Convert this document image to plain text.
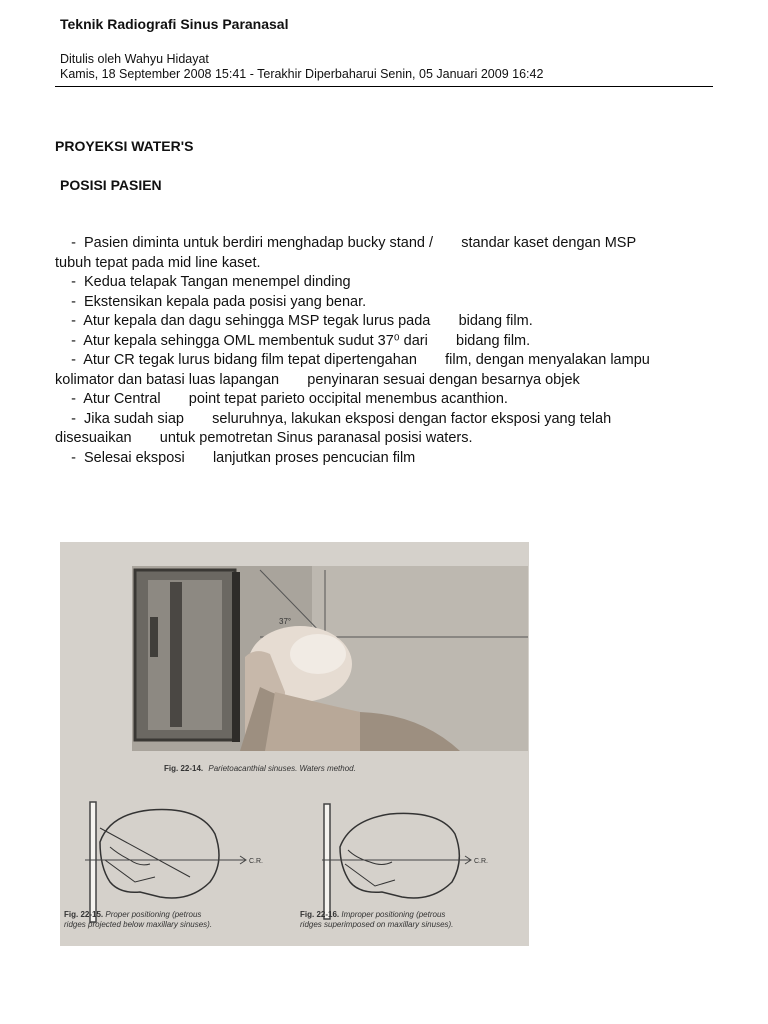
Teknik Radiografi Sinus Paranasal
Ditulis oleh Wahyu Hidayat
Kamis, 18 September 2008 15:41 - Terakhir Diperbaharui Senin, 05 Januari 2009 16:42
PROYEKSI WATER'S
POSISI PASIEN

-  Pasien diminta untuk berdiri menghadap bucky stand /       standar kaset dengan MSP

tubuh tepat pada mid line kaset.

-  Kedua telapak Tangan menempel dinding

-  Ekstensikan kepala pada posisi yang benar.

-  Atur kepala dan dagu sehingga MSP tegak lurus pada       bidang film.

-  Atur kepala sehingga OML membentuk sudut 37⁰ dari       bidang film.

-  Atur CR tegak lurus bidang film tepat dipertengahan       film, dengan menyalakan lampu

kolimator dan batasi luas lapangan       penyinaran sesuai dengan besarnya objek

-  Atur Central       point tepat parieto occipital menembus acanthion.

-  Jika sudah siap       seluruhnya, lakukan eksposi dengan factor eksposi yang telah

disesuaikan       untuk pemotretan Sinus paranasal posisi waters.

-  Selesai eksposi       lanjutkan proses pencucian film

37°
Fig. 22-14. Parietoacanthial sinuses. Waters method.
C.R.	C.R.
Fig. 22-15. Proper positioning (petrous
ridges projected below maxillary sinuses).
Fig. 22-16. Improper positioning (petrous
ridges superimposed on maxillary sinuses).
